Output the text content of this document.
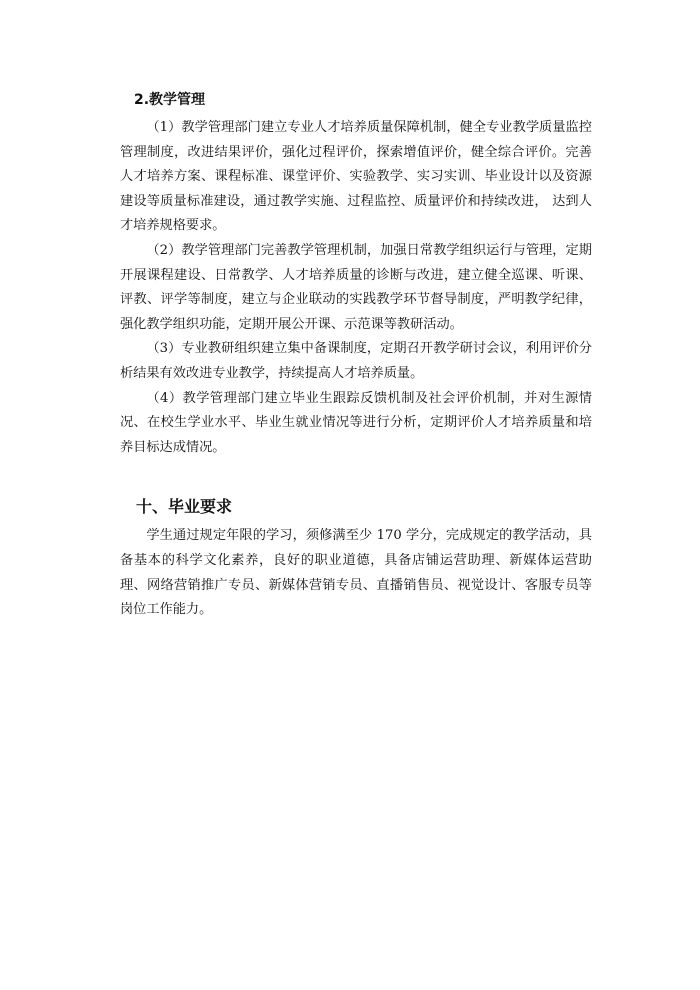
2.教学管理

（1）教学管理部门建立专业人才培养质量保障机制，健全专业教学质量监控管理制度，改进结果评价，强化过程评价，探索增值评价，健全综合评价。完善人才培养方案、课程标准、课堂评价、实验教学、实习实训、毕业设计以及资源建设等质量标准建设，通过教学实施、过程监控、质量评价和持续改进， 达到人才培养规格要求。

（2）教学管理部门完善教学管理机制，加强日常教学组织运行与管理，定期开展课程建设、日常教学、人才培养质量的诊断与改进，建立健全巡课、听课、评教、评学等制度，建立与企业联动的实践教学环节督导制度，严明教学纪律，强化教学组织功能，定期开展公开课、示范课等教研活动。

（3）专业教研组织建立集中备课制度，定期召开教学研讨会议，利用评价分析结果有效改进专业教学，持续提高人才培养质量。

（4）教学管理部门建立毕业生跟踪反馈机制及社会评价机制，并对生源情况、在校生学业水平、毕业生就业情况等进行分析，定期评价人才培养质量和培养目标达成情况。

十、毕业要求

学生通过规定年限的学习，须修满至少 170 学分，完成规定的教学活动，具备基本的科学文化素养，良好的职业道德，具备店铺运营助理、新媒体运营助理、网络营销推广专员、新媒体营销专员、直播销售员、视觉设计、客服专员等岗位工作能力。
